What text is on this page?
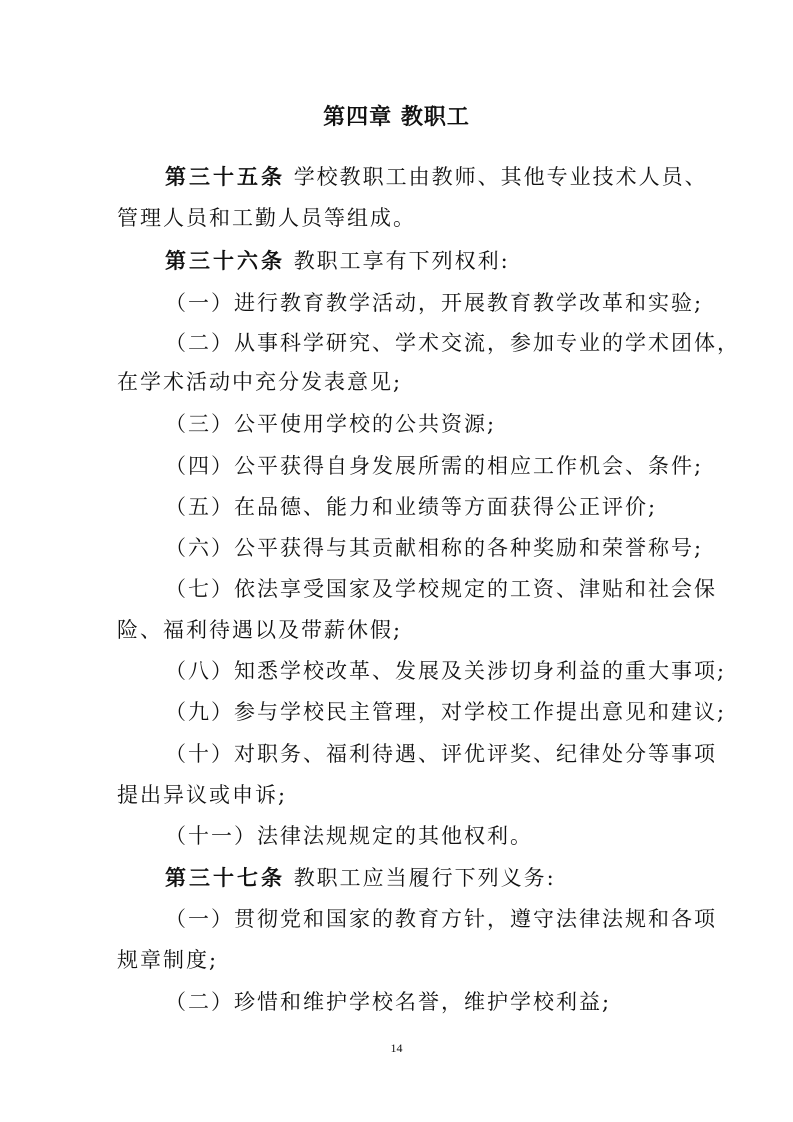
第四章 教职工
第三十五条 学校教职工由教师、其他专业技术人员、
管理人员和工勤人员等组成。
第三十六条 教职工享有下列权利:
（一）进行教育教学活动，开展教育教学改革和实验;
（二）从事科学研究、学术交流，参加专业的学术团体，
在学术活动中充分发表意见;
（三）公平使用学校的公共资源;
（四）公平获得自身发展所需的相应工作机会、条件;
（五）在品德、能力和业绩等方面获得公正评价;
（六）公平获得与其贡献相称的各种奖励和荣誉称号;
（七）依法享受国家及学校规定的工资、津贴和社会保
险、福利待遇以及带薪休假;
（八）知悉学校改革、发展及关涉切身利益的重大事项;
（九）参与学校民主管理，对学校工作提出意见和建议;
（十）对职务、福利待遇、评优评奖、纪律处分等事项
提出异议或申诉;
（十一）法律法规规定的其他权利。
第三十七条 教职工应当履行下列义务:
（一）贯彻党和国家的教育方针，遵守法律法规和各项
规章制度;
（二）珍惜和维护学校名誉，维护学校利益;
14
